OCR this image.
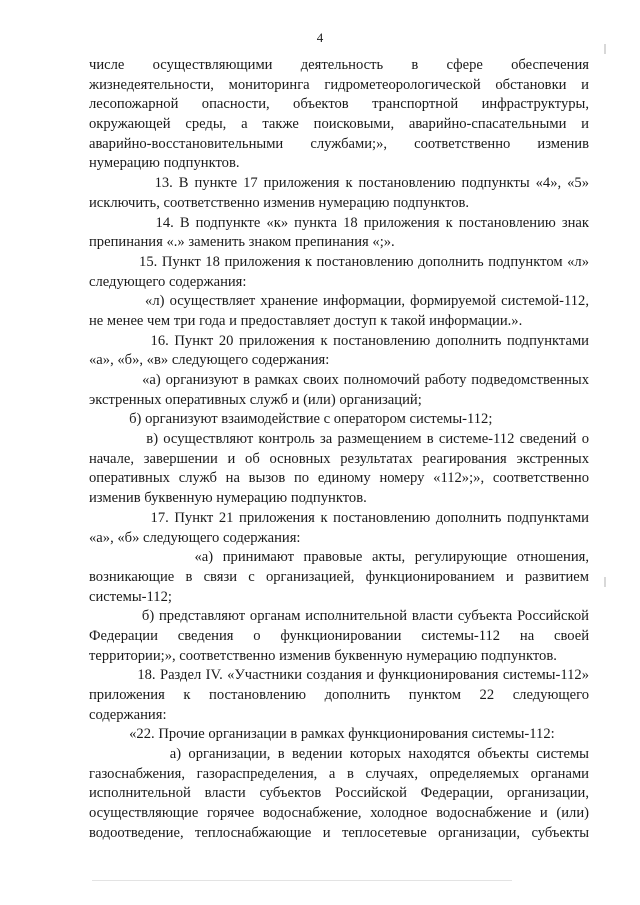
4
числе осуществляющими деятельность в сфере обеспечения
жизнедеятельности, мониторинга гидрометеорологической обстановки и
лесопожарной опасности, объектов транспортной инфраструктуры,
окружающей среды, а также поисковыми, аварийно-спасательными и
аварийно-восстановительными службами;», соответственно изменив
нумерацию подпунктов.
13. В пункте 17 приложения к постановлению подпункты «4», «5»
исключить, соответственно изменив нумерацию подпунктов.
14. В подпункте «к» пункта 18 приложения к постановлению знак
препинания «.» заменить знаком препинания «;».
15. Пункт 18 приложения к постановлению дополнить подпунктом «л»
следующего содержания:
«л) осуществляет хранение информации, формируемой системой-112,
не менее чем три года и предоставляет доступ к такой информации.».
16. Пункт 20 приложения к постановлению дополнить подпунктами
«а», «б», «в» следующего содержания:
«а) организуют в рамках своих полномочий работу подведомственных
экстренных оперативных служб и (или) организаций;
б) организуют взаимодействие с оператором системы-112;
в) осуществляют контроль за размещением в системе-112 сведений о
начале, завершении и об основных результатах реагирования экстренных
оперативных служб на вызов по единому номеру «112»;», соответственно
изменив буквенную нумерацию подпунктов.
17. Пункт 21 приложения к постановлению дополнить подпунктами
«а», «б» следующего содержания:
«а) принимают правовые акты, регулирующие отношения,
возникающие в связи с организацией, функционированием и развитием
системы-112;
б) представляют органам исполнительной власти субъекта Российской
Федерации сведения о функционировании системы-112 на своей
территории;», соответственно изменив буквенную нумерацию подпунктов.
18. Раздел IV. «Участники создания и функционирования системы-112»
приложения к постановлению дополнить пунктом 22 следующего
содержания:
«22. Прочие организации в рамках функционирования системы-112:
а) организации, в ведении которых находятся объекты системы
газоснабжения, газораспределения, а в случаях, определяемых органами
исполнительной власти субъектов Российской Федерации, организации,
осуществляющие горячее водоснабжение, холодное водоснабжение и (или)
водоотведение, теплоснабжающие и теплосетевые организации, субъекты
